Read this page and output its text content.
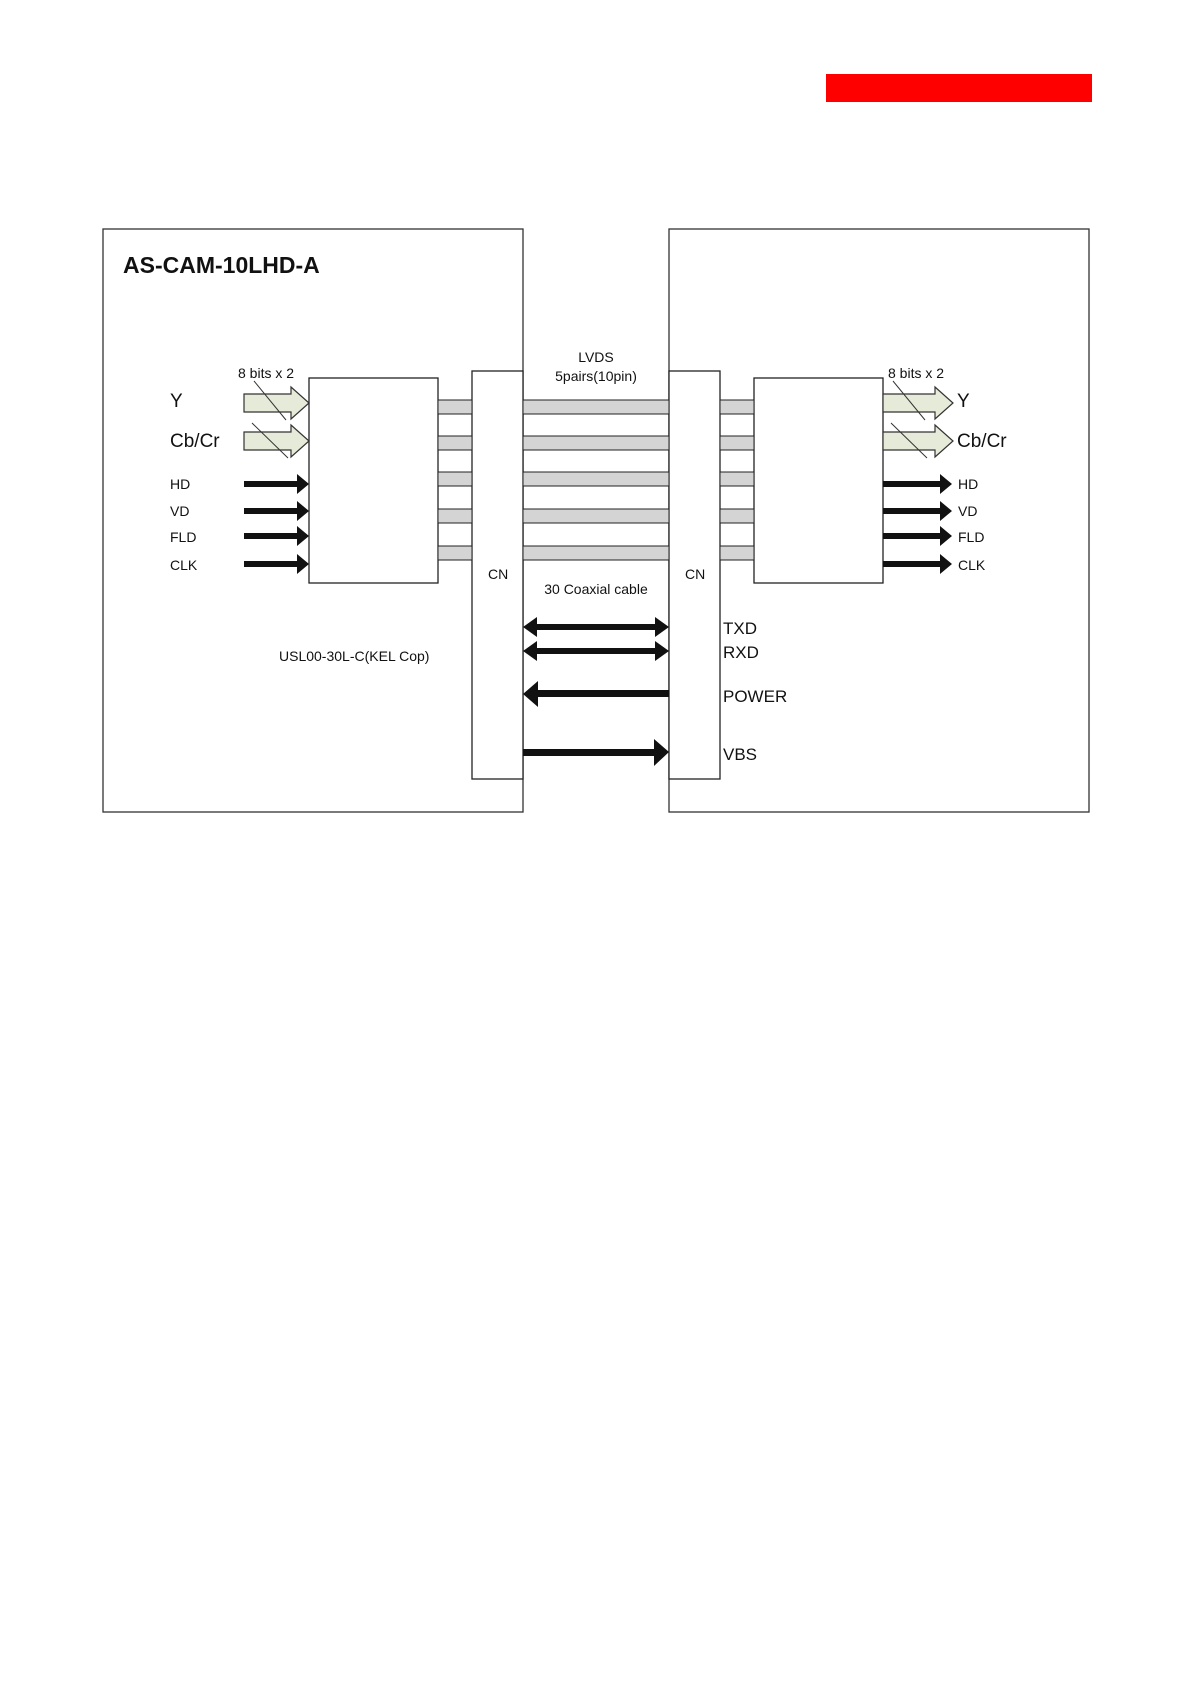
AS-CAM-10LHD-A
CN	CN
LVDS
5pairs(10pin)
8 bits x 2
Y
Cb/Cr
HD
VD
FLD
CLK
8 bits x 2
Y
Cb/Cr
HD
VD
FLD
CLK
30 Coaxial cable
TXD
RXD
POWER
VBS
USL00-30L-C(KEL Cop)
